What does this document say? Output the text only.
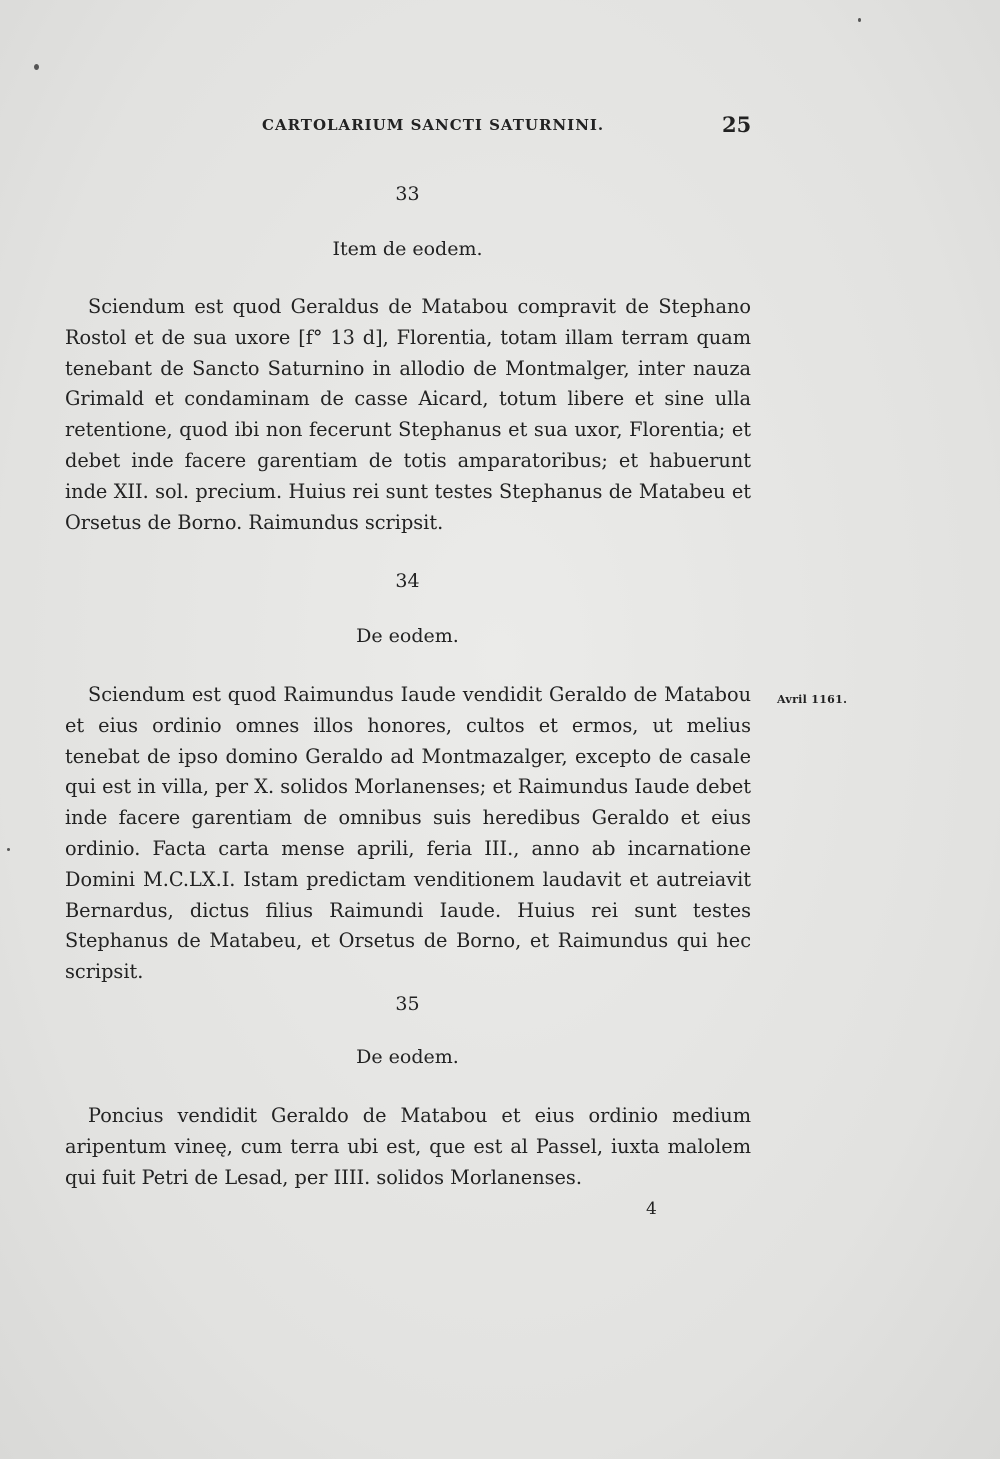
CARTOLARIUM SANCTI SATURNINI.	25
33
Item de eodem.

Sciendum est quod Geraldus de Matabou compravit de Stephano Rostol et de sua uxore [f° 13 d], Florentia, totam illam terram quam tenebant de Sancto Saturnino in allodio de Montmalger, inter nauza Grimald et condaminam de casse Aicard, totum libere et sine ulla retentione, quod ibi non fecerunt Stephanus et sua uxor, Florentia; et debet inde facere garentiam de totis amparatoribus; et habuerunt inde XII. sol. precium. Huius rei sunt testes Stephanus de Matabeu et Orsetus de Borno. Raimundus scripsit.

34
De eodem.
Avril 1161.

Sciendum est quod Raimundus Iaude vendidit Geraldo de Matabou et eius ordinio omnes illos honores, cultos et ermos, ut melius tenebat de ipso domino Geraldo ad Montmazalger, excepto de casale qui est in villa, per X. solidos Morlanenses; et Raimundus Iaude debet inde facere garentiam de omnibus suis heredibus Geraldo et eius ordinio. Facta carta mense aprili, feria III., anno ab incarnatione Domini M.C.LX.I. Istam predictam venditionem laudavit et autreiavit Bernardus, dictus filius Raimundi Iaude. Huius rei sunt testes Stephanus de Matabeu, et Orsetus de Borno, et Raimundus qui hec scripsit.

35
De eodem.

Poncius vendidit Geraldo de Matabou et eius ordinio medium aripentum vineę, cum terra ubi est, que est al Passel, iuxta malolem qui fuit Petri de Lesad, per IIII. solidos Morlanenses.

4
